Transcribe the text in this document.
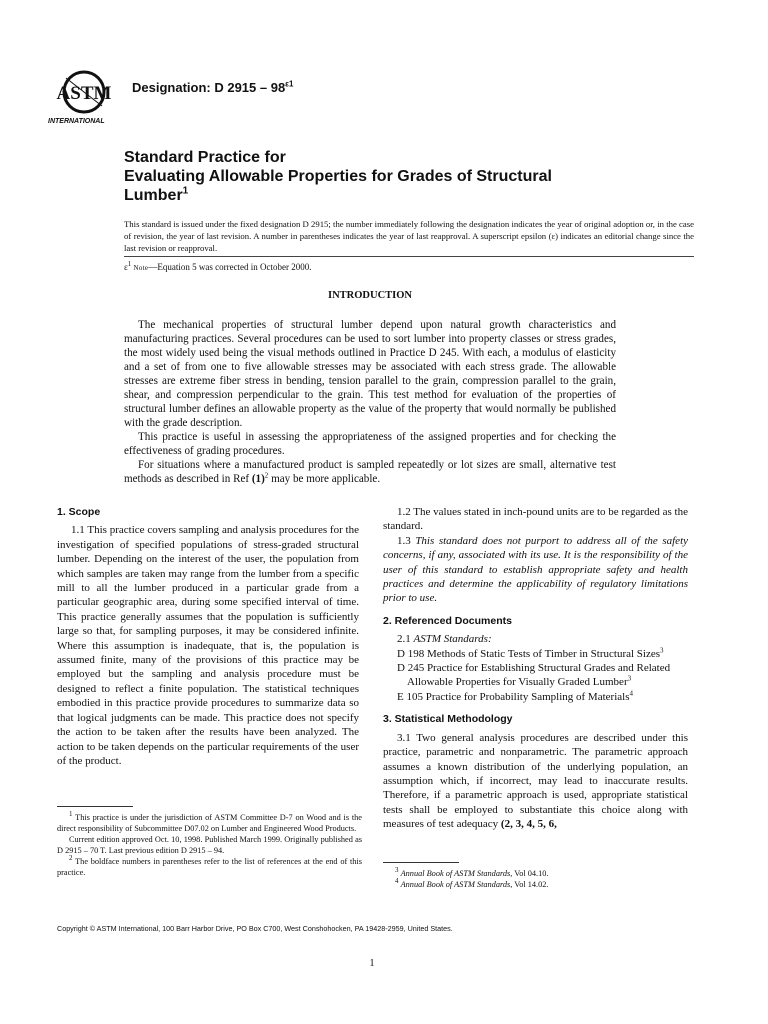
ASTM
INTERNATIONAL
Designation: D $2915 - 98^{\varepsilon 1}$
Standard Practice for
Evaluating Allowable Properties for Grades of Structural
Lumber$^1$
This standard is issued under the fixed designation D 2915; the number immediately following the designation indicates the year of original adoption or, in the case of revision, the year of last revision. A number in parentheses indicates the year of last reapproval. A superscript epsilon (ε) indicates an editorial change since the last revision or reapproval.
$\varepsilon^1$ Note—Equation 5 was corrected in October 2000.
INTRODUCTION

The mechanical properties of structural lumber depend upon natural growth characteristics and manufacturing practices. Several procedures can be used to sort lumber into property classes or stress grades, the most widely used being the visual methods outlined in Practice D 245. With each, a modulus of elasticity and a set of from one to five allowable stresses may be associated with each stress grade. The allowable stresses are extreme fiber stress in bending, tension parallel to the grain, compression parallel to the grain, shear, and compression perpendicular to the grain. This test method for evaluation of the properties of structural lumber defines an allowable property as the value of the property that would normally be published with the grade description.

This practice is useful in assessing the appropriateness of the assigned properties and for checking the effectiveness of grading procedures.

For situations where a manufactured product is sampled repeatedly or lot sizes are small, alternative test methods as described in Ref $(1)^2$ may be more applicable.

1. Scope

1.1 This practice covers sampling and analysis procedures for the investigation of specified populations of stress-graded structural lumber. Depending on the interest of the user, the population from which samples are taken may range from the lumber from a specific mill to all the lumber produced in a particular grade from a particular geographic area, during some specified interval of time. This practice generally assumes that the population is sufficiently large so that, for sampling purposes, it may be considered infinite. Where this assumption is inadequate, that is, the population is assumed finite, many of the provisions of this practice may be employed but the sampling and analysis procedure must be designed to reflect a finite population. The statistical techniques embodied in this practice provide procedures to summarize data so that logical judgments can be made. This practice does not specify the action to be taken after the results have been analyzed. The action to be taken depends on the particular requirements of the user of the product.

1.2 The values stated in inch-pound units are to be regarded as the standard.

1.3 This standard does not purport to address all of the safety concerns, if any, associated with its use. It is the responsibility of the user of this standard to establish appropriate safety and health practices and determine the applicability of regulatory limitations prior to use.

2. Referenced Documents

2.1 ASTM Standards:

D 198 Methods of Static Tests of Timber in Structural Sizes$^3$

D 245 Practice for Establishing Structural Grades and Related Allowable Properties for Visually Graded Lumber$^3$

E 105 Practice for Probability Sampling of Materials$^4$

3. Statistical Methodology

3.1 Two general analysis procedures are described under this practice, parametric and nonparametric. The parametric approach assumes a known distribution of the underlying population, an assumption which, if incorrect, may lead to inaccurate results. Therefore, if a parametric approach is used, appropriate statistical tests shall be employed to substantiate this choice along with measures of test adequacy (2, 3, 4, 5, 6,

$^1$ This practice is under the jurisdiction of ASTM Committee D-7 on Wood and is the direct responsibility of Subcommittee D07.02 on Lumber and Engineered Wood Products.

Current edition approved Oct. 10, 1998. Published March 1999. Originally published as D 2915 – 70 T. Last previous edition D 2915 – 94.

$^2$ The boldface numbers in parentheses refer to the list of references at the end of this practice.	$^3$ Annual Book of ASTM Standards, Vol 04.10.

$^4$ Annual Book of ASTM Standards, Vol 14.02.

Copyright © ASTM International, 100 Barr Harbor Drive, PO Box C700, West Conshohocken, PA 19428-2959, United States.
1
